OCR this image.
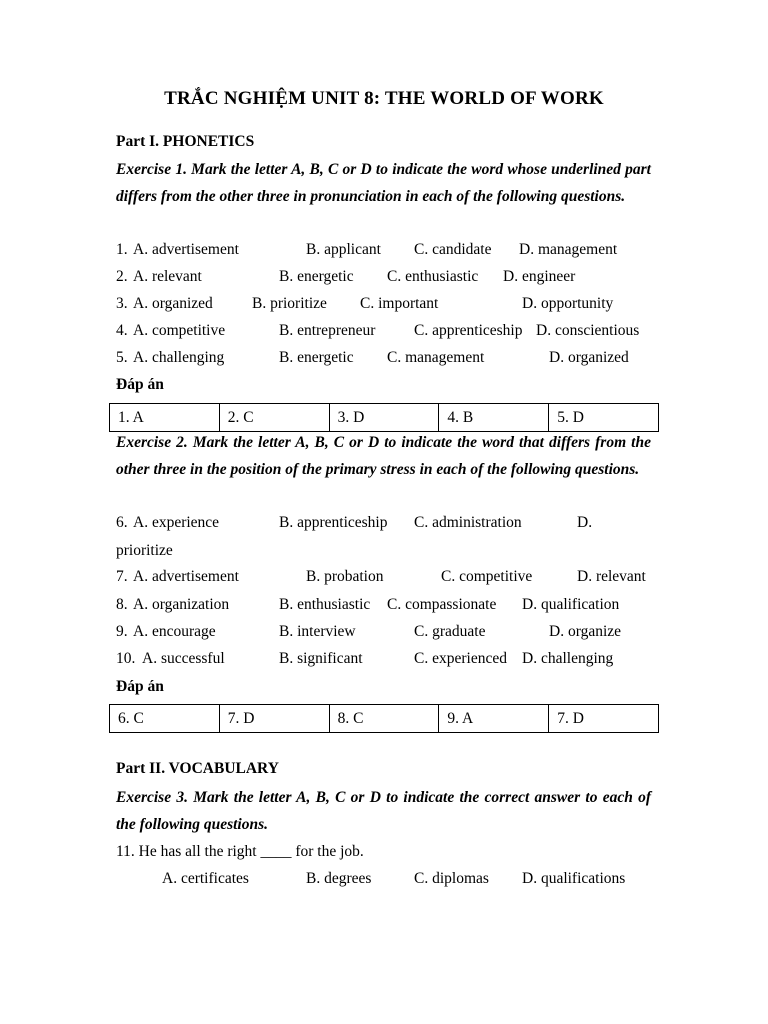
TRẮC NGHIỆM UNIT 8: THE WORLD OF WORK
Part I. PHONETICS
Exercise 1. Mark the letter A, B, C or D to indicate the word whose underlined part differs from the other three in pronunciation in each of the following questions.
1. A. advertisement	B. applicant C. candidate D. management
2. A. relevant	B. energetic C. enthusiastic D. engineer
3. A. organized	B. prioritize C. important	D. opportunity
4. A. competitive	B. entrepreneur C. apprenticeship D. conscientious
5. A. challenging	B. energetic C. management	D. organized
Đáp án
1. A	2. C	3. D	4. B	5. D
Exercise 2. Mark the letter A, B, C or D to indicate the word that differs from the other three in the position of the primary stress in each of the following questions.
6. A. experience	B. apprenticeship C. administration	D.
prioritize
7. A. advertisement	B. probation	C. competitive	D. relevant
8. A. organization	B. enthusiastic C. compassionate D. qualification
9. A. encourage	B. interview	C. graduate	D. organize
10. A. successful	B. significant	C. experienced D. challenging
Đáp án
6. C	7. D	8. C	9. A	7. D
Part II. VOCABULARY
Exercise 3. Mark the letter A, B, C or D to indicate the correct answer to each of the following questions.
11. He has all the right ____ for the job.
A. certificates	B. degrees	C. diplomas D. qualifications
